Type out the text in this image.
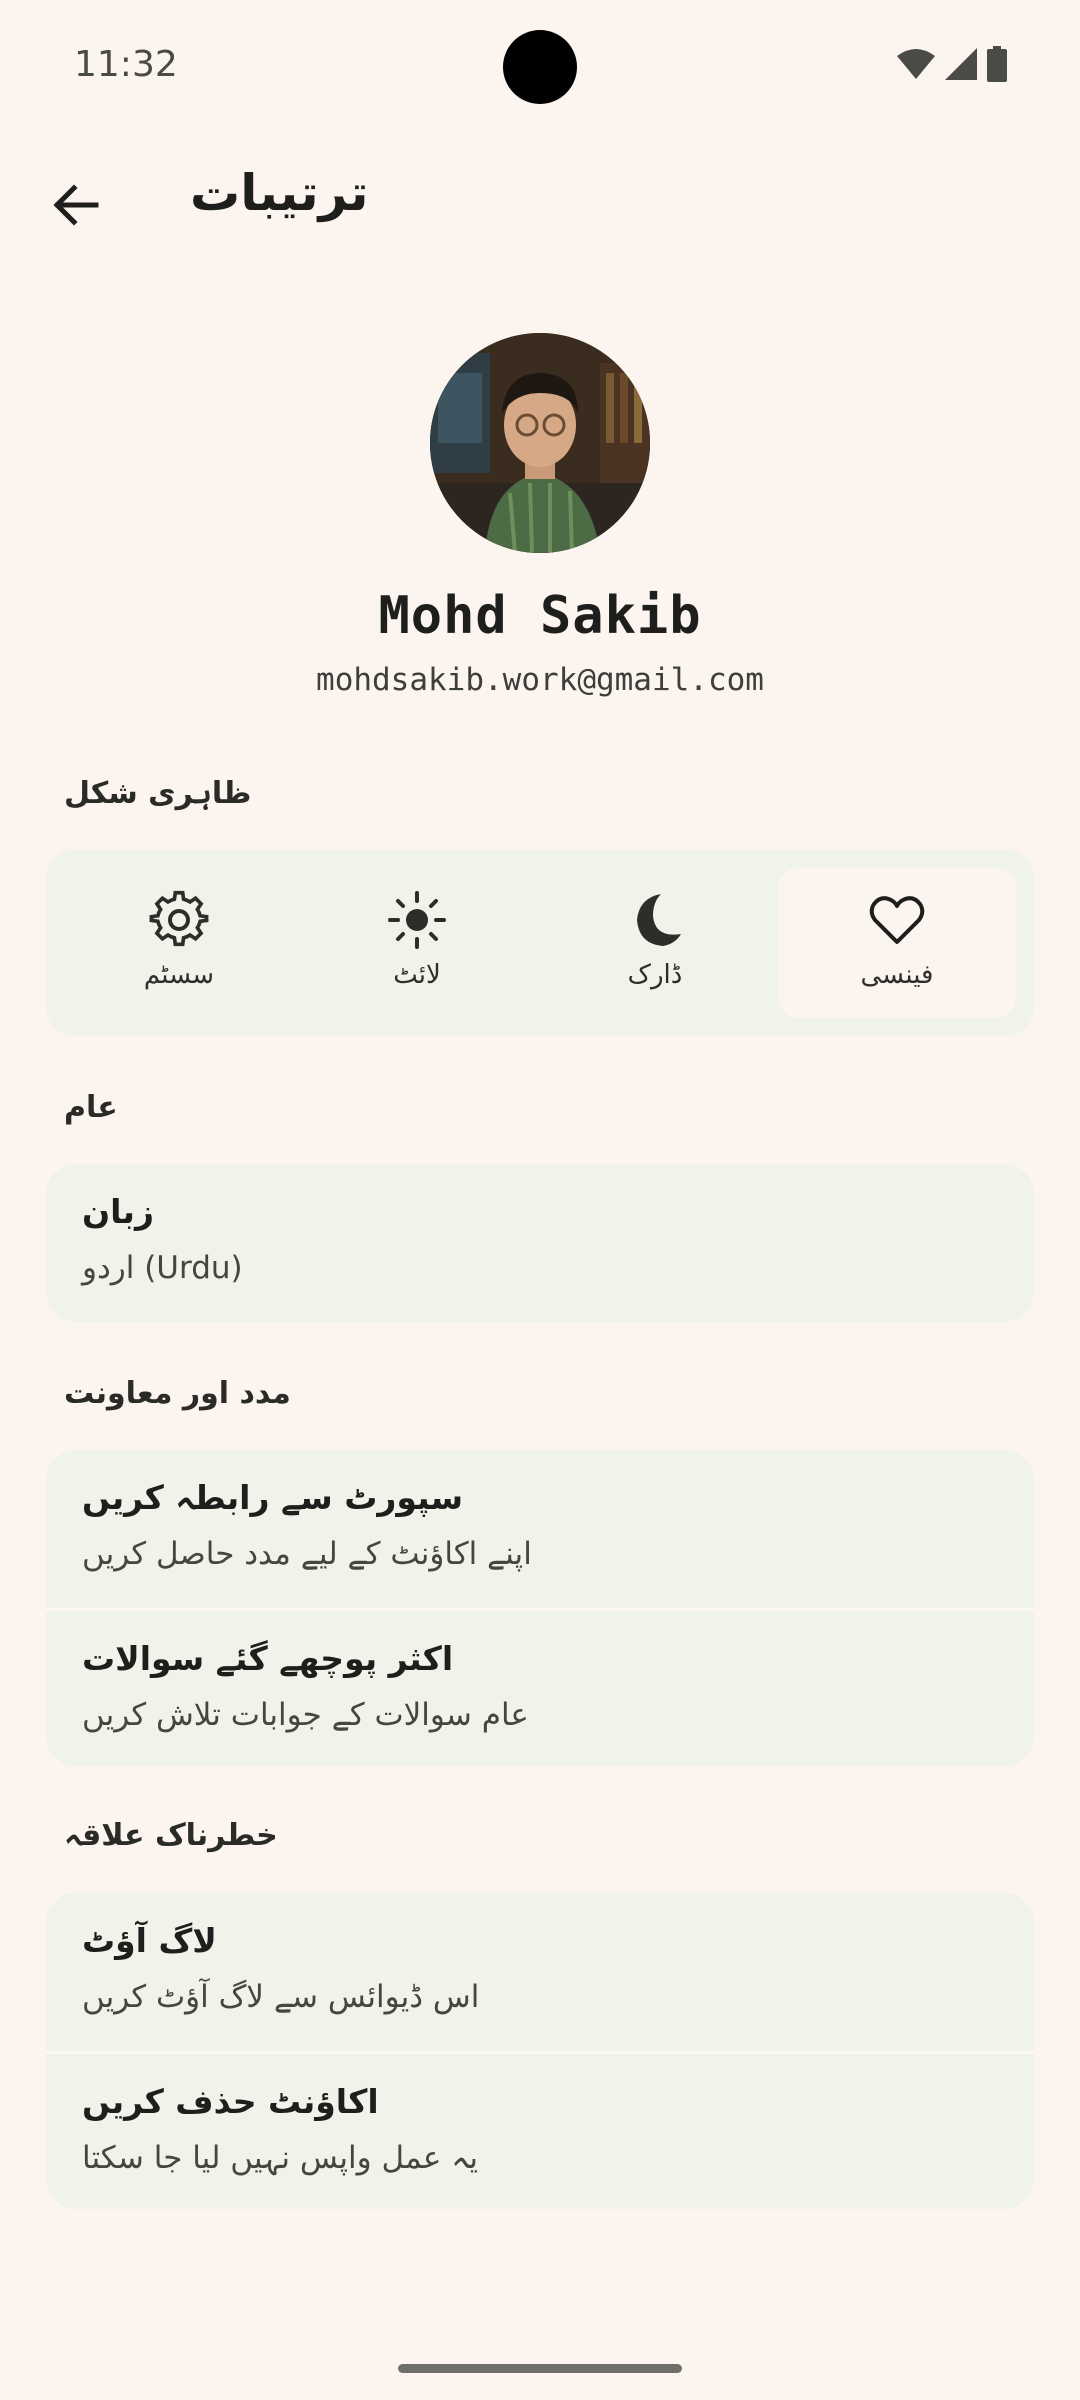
11:32
ترتیبات
Mohd Sakib
mohdsakib.work@gmail.com
ظاہری شکل
سسٹم	لائٹ	ڈارک	فینسی
عام
زبان
اردو (Urdu)
مدد اور معاونت
سپورٹ سے رابطہ کریں
اپنے اکاؤنٹ کے لیے مدد حاصل کریں
اکثر پوچھے گئے سوالات
عام سوالات کے جوابات تلاش کریں
خطرناک علاقہ
لاگ آؤٹ
اس ڈیوائس سے لاگ آؤٹ کریں
اکاؤنٹ حذف کریں
یہ عمل واپس نہیں لیا جا سکتا
